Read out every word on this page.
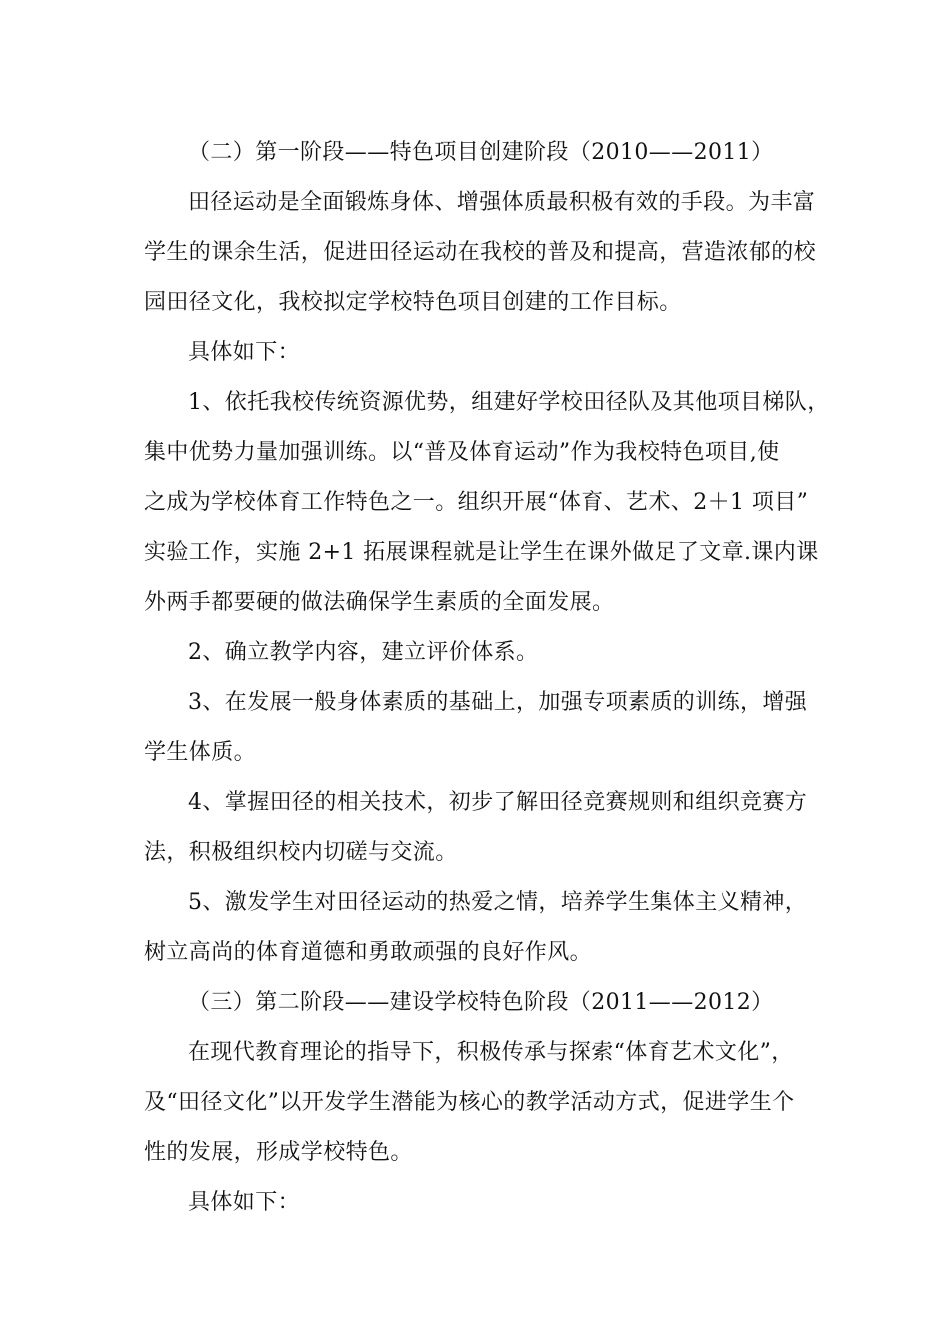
（二）第一阶段——特色项目创建阶段（2010——2011）
田径运动是全面锻炼身体、增强体质最积极有效的手段。为丰富
学生的课余生活，促进田径运动在我校的普及和提高，营造浓郁的校
园田径文化，我校拟定学校特色项目创建的工作目标。
具体如下：
1、依托我校传统资源优势，组建好学校田径队及其他项目梯队，
集中优势力量加强训练。以“普及体育运动”作为我校特色项目,使
之成为学校体育工作特色之一。组织开展“体育、艺术、2＋1 项目”
实验工作，实施 2+1 拓展课程就是让学生在课外做足了文章.课内课
外两手都要硬的做法确保学生素质的全面发展。
2、确立教学内容，建立评价体系。
3、在发展一般身体素质的基础上，加强专项素质的训练，增强
学生体质。
4、掌握田径的相关技术，初步了解田径竞赛规则和组织竞赛方
法，积极组织校内切磋与交流。
5、激发学生对田径运动的热爱之情，培养学生集体主义精神，
树立高尚的体育道德和勇敢顽强的良好作风。
（三）第二阶段——建设学校特色阶段（2011——2012）
在现代教育理论的指导下，积极传承与探索“体育艺术文化”，
及“田径文化”以开发学生潜能为核心的教学活动方式，促进学生个
性的发展，形成学校特色。
具体如下：
